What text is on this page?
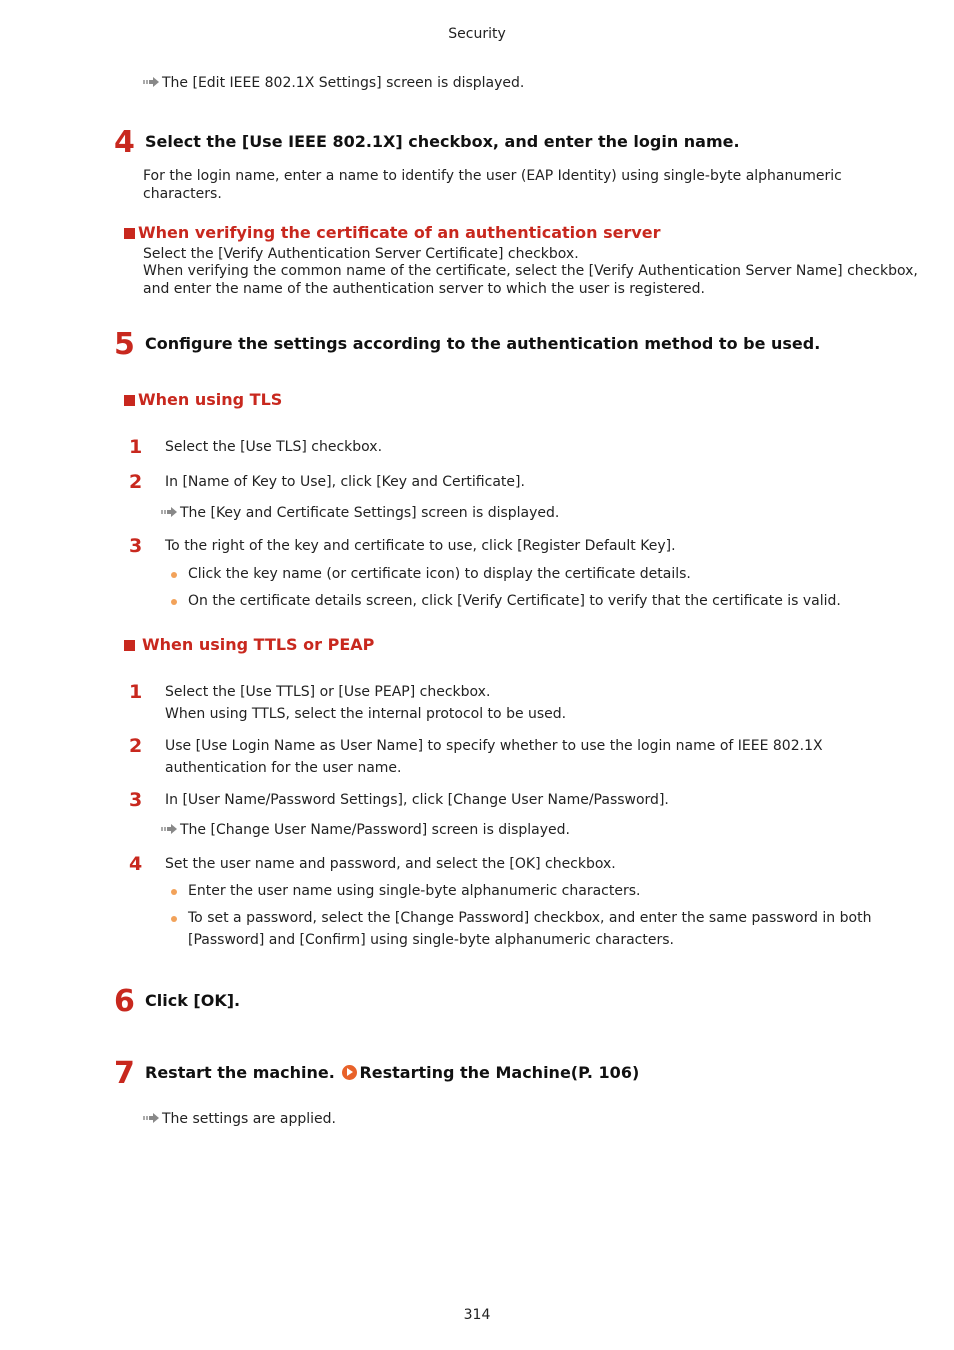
Security
314
The [Edit IEEE 802.1X Settings] screen is displayed.
4 Select the [Use IEEE 802.1X] checkbox, and enter the login name.
For the login name, enter a name to identify the user (EAP Identity) using single-byte alphanumeric
characters.
When verifying the certificate of an authentication server
Select the [Verify Authentication Server Certificate] checkbox.
When verifying the common name of the certificate, select the [Verify Authentication Server Name] checkbox,
and enter the name of the authentication server to which the user is registered.
5 Configure the settings according to the authentication method to be used.
When using TLS
1 Select the [Use TLS] checkbox.
2 In [Name of Key to Use], click [Key and Certificate].
The [Key and Certificate Settings] screen is displayed.
3 To the right of the key and certificate to use, click [Register Default Key].
Click the key name (or certificate icon) to display the certificate details.
On the certificate details screen, click [Verify Certificate] to verify that the certificate is valid.
When using TTLS or PEAP
1 Select the [Use TTLS] or [Use PEAP] checkbox.
When using TTLS, select the internal protocol to be used.
2 Use [Use Login Name as User Name] to specify whether to use the login name of IEEE 802.1X
authentication for the user name.
3 In [User Name/Password Settings], click [Change User Name/Password].
The [Change User Name/Password] screen is displayed.
4 Set the user name and password, and select the [OK] checkbox.
Enter the user name using single-byte alphanumeric characters.
To set a password, select the [Change Password] checkbox, and enter the same password in both
[Password] and [Confirm] using single-byte alphanumeric characters.
6 Click [OK].
7 Restart the machine. Restarting the Machine(P. 106)
The settings are applied.
